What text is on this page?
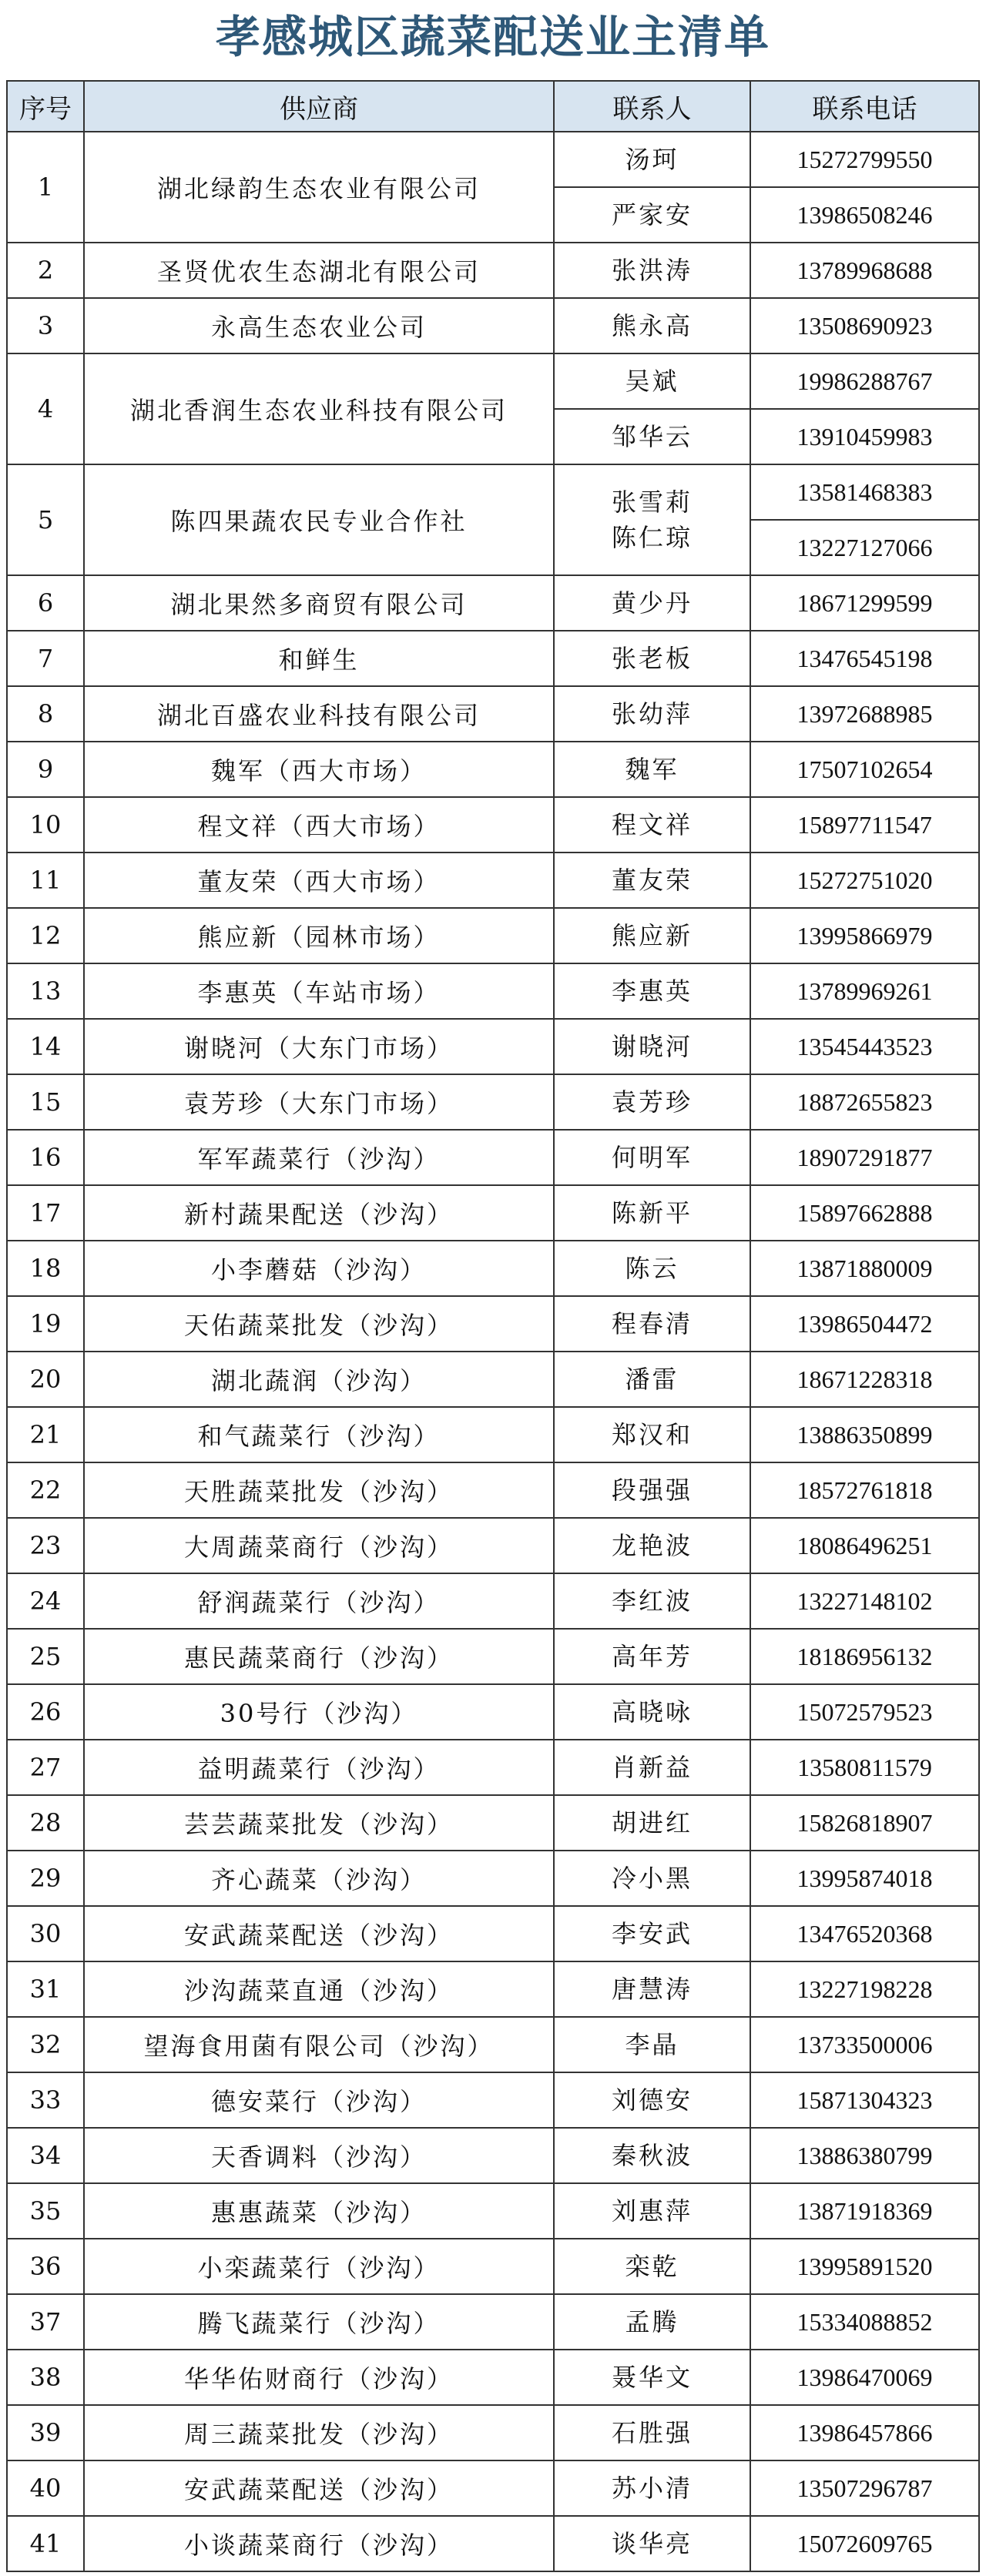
孝感城区蔬菜配送业主清单
序号	供应商	联系人	联系电话
1	湖北绿韵生态农业有限公司	汤珂	15272799550
		严家安	13986508246
2	圣贤优农生态湖北有限公司	张洪涛	13789968688
3	永高生态农业公司	熊永高	13508690923
4	湖北香润生态农业科技有限公司	吴斌	19986288767
		邹华云	13910459983
5	陈四果蔬农民专业合作社	张雪莉 陈仁琼	13581468383
			13227127066
6	湖北果然多商贸有限公司	黄少丹	18671299599
7	和鲜生	张老板	13476545198
8	湖北百盛农业科技有限公司	张幼萍	13972688985
9	魏军（西大市场）	魏军	17507102654
10	程文祥（西大市场）	程文祥	15897711547
11	董友荣（西大市场）	董友荣	15272751020
12	熊应新（园林市场）	熊应新	13995866979
13	李惠英（车站市场）	李惠英	13789969261
14	谢晓河（大东门市场）	谢晓河	13545443523
15	袁芳珍（大东门市场）	袁芳珍	18872655823
16	军军蔬菜行（沙沟）	何明军	18907291877
17	新村蔬果配送（沙沟）	陈新平	15897662888
18	小李蘑菇（沙沟）	陈云	13871880009
19	天佑蔬菜批发（沙沟）	程春清	13986504472
20	湖北蔬润（沙沟）	潘雷	18671228318
21	和气蔬菜行（沙沟）	郑汉和	13886350899
22	天胜蔬菜批发（沙沟）	段强强	18572761818
23	大周蔬菜商行（沙沟）	龙艳波	18086496251
24	舒润蔬菜行（沙沟）	李红波	13227148102
25	惠民蔬菜商行（沙沟）	高年芳	18186956132
26	30号行（沙沟）	高晓咏	15072579523
27	益明蔬菜行（沙沟）	肖新益	13580811579
28	芸芸蔬菜批发（沙沟）	胡进红	15826818907
29	齐心蔬菜（沙沟）	冷小黑	13995874018
30	安武蔬菜配送（沙沟）	李安武	13476520368
31	沙沟蔬菜直通（沙沟）	唐慧涛	13227198228
32	望海食用菌有限公司（沙沟）	李晶	13733500006
33	德安菜行（沙沟）	刘德安	15871304323
34	天香调料（沙沟）	秦秋波	13886380799
35	惠惠蔬菜（沙沟）	刘惠萍	13871918369
36	小栾蔬菜行（沙沟）	栾乾	13995891520
37	腾飞蔬菜行（沙沟）	孟腾	15334088852
38	华华佑财商行（沙沟）	聂华文	13986470069
39	周三蔬菜批发（沙沟）	石胜强	13986457866
40	安武蔬菜配送（沙沟）	苏小清	13507296787
41	小谈蔬菜商行（沙沟）	谈华亮	15072609765
